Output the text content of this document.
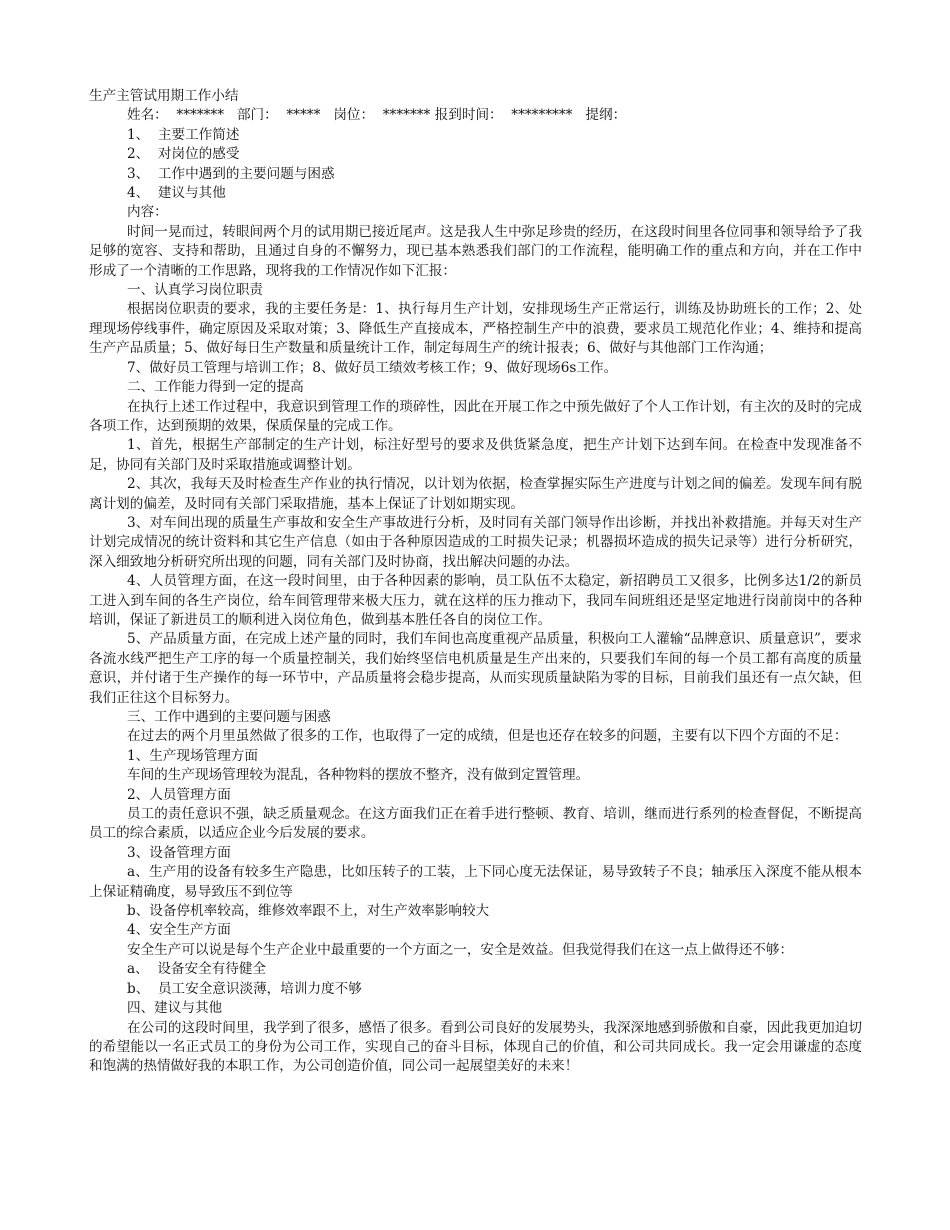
生产主管试用期工作小结

姓名：  *******   部门：  *****   岗位：  ******* 报到时间：  *********   提纲：

1、  主要工作简述

2、  对岗位的感受

3、  工作中遇到的主要问题与困惑

4、  建议与其他

内容：

时间一晃而过，转眼间两个月的试用期已接近尾声。这是我人生中弥足珍贵的经历，在这段时间里各位同事和领导给予了我足够的宽容、支持和帮助，且通过自身的不懈努力，现已基本熟悉我们部门的工作流程，能明确工作的重点和方向，并在工作中形成了一个清晰的工作思路，现将我的工作情况作如下汇报：

一、认真学习岗位职责

根据岗位职责的要求，我的主要任务是：1、执行每月生产计划，安排现场生产正常运行，训练及协助班长的工作；2、处理现场停线事件，确定原因及采取对策；3、降低生产直接成本，严格控制生产中的浪费，要求员工规范化作业；4、维持和提高生产产品质量；5、做好每日生产数量和质量统计工作，制定每周生产的统计报表；6、做好与其他部门工作沟通；

7、做好员工管理与培训工作；8、做好员工绩效考核工作；9、做好现场6s工作。

二、工作能力得到一定的提高

在执行上述工作过程中，我意识到管理工作的琐碎性，因此在开展工作之中预先做好了个人工作计划，有主次的及时的完成各项工作，达到预期的效果，保质保量的完成工作。

1、首先，根据生产部制定的生产计划，标注好型号的要求及供货紧急度，把生产计划下达到车间。在检查中发现准备不足，协同有关部门及时采取措施或调整计划。

2、其次，我每天及时检查生产作业的执行情况，以计划为依据，检查掌握实际生产进度与计划之间的偏差。发现车间有脱离计划的偏差，及时同有关部门采取措施，基本上保证了计划如期实现。

3、对车间出现的质量生产事故和安全生产事故进行分析，及时同有关部门领导作出诊断，并找出补救措施。并每天对生产计划完成情况的统计资料和其它生产信息（如由于各种原因造成的工时损失记录；机器损坏造成的损失记录等）进行分析研究，深入细致地分析研究所出现的问题，同有关部门及时协商，找出解决问题的办法。

4、人员管理方面，在这一段时间里，由于各种因素的影响，员工队伍不太稳定，新招聘员工又很多，比例多达1/2的新员工进入到车间的各生产岗位，给车间管理带来极大压力，就在这样的压力推动下，我同车间班组还是坚定地进行岗前岗中的各种培训，保证了新进员工的顺利进入岗位角色，做到基本胜任各自的岗位工作。

5、产品质量方面，在完成上述产量的同时，我们车间也高度重视产品质量，积极向工人灌输“品牌意识、质量意识”，要求各流水线严把生产工序的每一个质量控制关，我们始终坚信电机质量是生产出来的，只要我们车间的每一个员工都有高度的质量意识，并付诸于生产操作的每一环节中，产品质量将会稳步提高，从而实现质量缺陷为零的目标，目前我们虽还有一点欠缺，但我们正往这个目标努力。

三、工作中遇到的主要问题与困惑

在过去的两个月里虽然做了很多的工作，也取得了一定的成绩，但是也还存在较多的问题，主要有以下四个方面的不足：

1、生产现场管理方面

车间的生产现场管理较为混乱，各种物料的摆放不整齐，没有做到定置管理。

2、人员管理方面

员工的责任意识不强，缺乏质量观念。在这方面我们正在着手进行整顿、教育、培训，继而进行系列的检查督促，不断提高员工的综合素质，以适应企业今后发展的要求。

3、设备管理方面

a、生产用的设备有较多生产隐患，比如压转子的工装，上下同心度无法保证，易导致转子不良；轴承压入深度不能从根本上保证精确度，易导致压不到位等

b、设备停机率较高，维修效率跟不上，对生产效率影响较大

4、安全生产方面

安全生产可以说是每个生产企业中最重要的一个方面之一，安全是效益。但我觉得我们在这一点上做得还不够：

a、  设备安全有待健全

b、  员工安全意识淡薄，培训力度不够

四、建议与其他

在公司的这段时间里，我学到了很多，感悟了很多。看到公司良好的发展势头，我深深地感到骄傲和自豪，因此我更加迫切的希望能以一名正式员工的身份为公司工作，实现自己的奋斗目标，体现自己的价值，和公司共同成长。我一定会用谦虚的态度和饱满的热情做好我的本职工作，为公司创造价值，同公司一起展望美好的未来！
